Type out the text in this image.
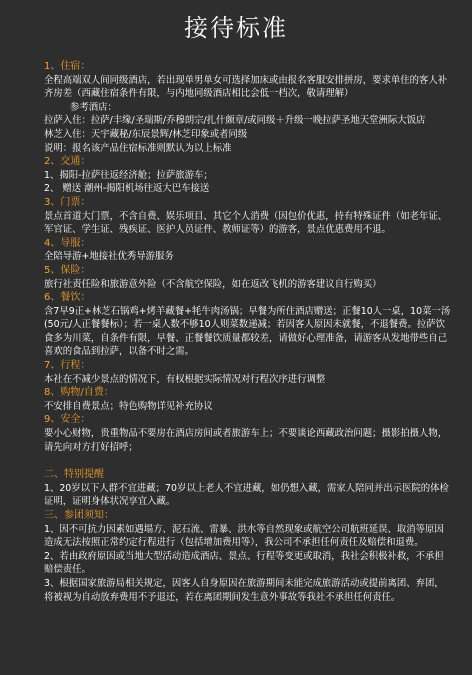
接待标准
1、住宿：
全程高端双人间同级酒店，若出现单男单女可选择加床或由报名客服安排拼房，要求单住的客人补齐房差（西藏住宿条件有限，与内地同级酒店相比会低一档次，敬请理解）
参考酒店：
拉萨入住：拉萨/丰缘/圣瑞斯/乔穆朗宗/扎什颇章/或同级＋升级一晚拉萨圣地天堂洲际大饭店
林芝入住：天宇藏秘/东辰景辉/林芝印象或者同级
说明：报名该产品住宿标准则默认为以上标准
2、交通：
1、揭阳-拉萨往返经济舱；拉萨旅游车；
2、 赠送 潮州-揭阳机场往返大巴车接送
3、门票：
景点首道大门票，不含自费、娱乐项目、其它个人消费（因包价优惠，持有特殊证件（如老年证、军官证、学生证、残疾证、医护人员证件、教师证等）的游客，景点优惠费用不退。
4、导服：
全陪导游+地接社优秀导游服务
5、保险：
旅行社责任险和旅游意外险（不含航空保险，如在返改飞机的游客建议自行购买）
6、餐饮：
含7早9正+林芝石锅鸡+烤羊藏餐+牦牛肉汤锅；早餐为所住酒店赠送；正餐10人一桌，10菜一汤(50元/人正餐餐标）；若一桌人数不够10人则菜数递减；若因客人原因未就餐，不退餐费。拉萨饮食多为川菜，自条件有限，早餐、正餐餐饮质量都较差，请做好心理准备，请游客从发地带些自己喜欢的食品到拉萨，以备不时之需。
7、行程：
本社在不减少景点的情况下，有权根据实际情况对行程次序进行调整
8、购物/自费：
不安排自费景点；特色购物详见补充协议
9、安全：
要小心财物，贵重物品不要房在酒店房间或者旅游车上；不要谈论西藏政治问题；摄影拍摄人物，请先向对方打好招呼；
二、特别提醒
1、20岁以下人群不宜进藏；70岁以上老人不宜进藏，如仍想入藏，需家人陪同并出示医院的体检证明，证明身体状况享宜入藏。
三、参团须知：
1、因不可抗力因素如遇塌方、泥石流、雷暴、洪水等自然现象或航空公司航班延误、取消等原因造成无法按照正常约定行程进行（包括增加费用等），我公司不承担任何责任及赔偿和退费。
2、若由政府原因或当地大型活动造成酒店、景点、行程等变更或取消，我社会积极补救，不承担赔偿责任。
3、根据国家旅游局相关规定，因客人自身原因在旅游期间未能完成旅游活动或提前离团、弃团，将被视为自动放弃费用不予退还，若在离团期间发生意外事故等我社不承担任何责任。
